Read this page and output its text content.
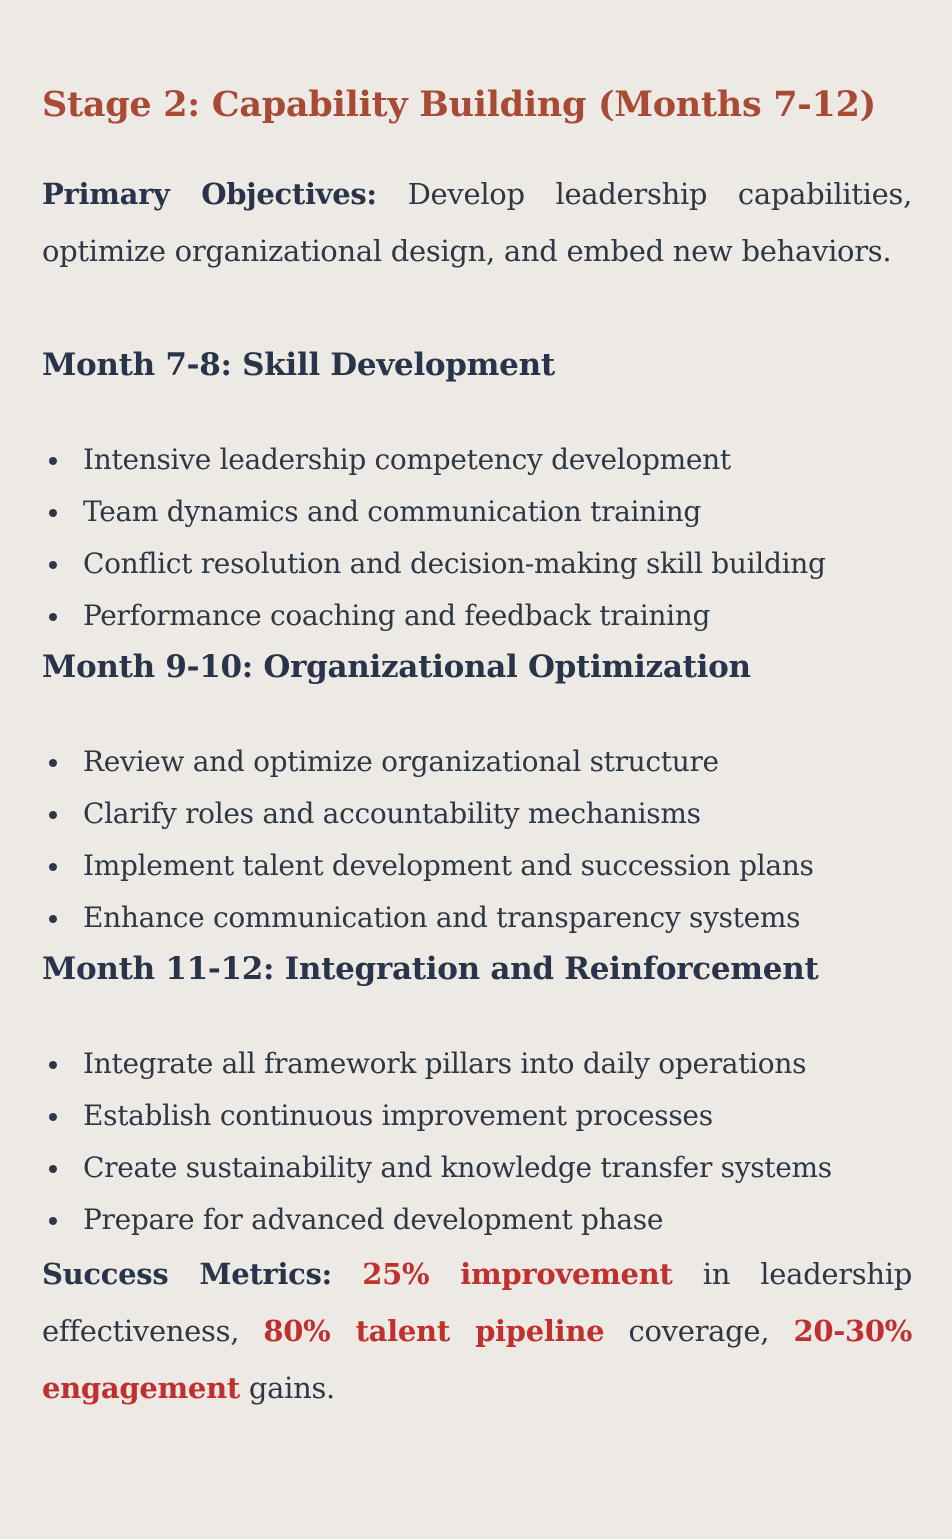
Stage 2: Capability Building (Months 7-12)

Primary Objectives: Develop leadership capabilities, optimize organizational design, and embed new behaviors.

Month 7-8: Skill Development
Intensive leadership competency development
Team dynamics and communication training
Conflict resolution and decision-making skill building
Performance coaching and feedback training
Month 9-10: Organizational Optimization
Review and optimize organizational structure
Clarify roles and accountability mechanisms
Implement talent development and succession plans
Enhance communication and transparency systems
Month 11-12: Integration and Reinforcement
Integrate all framework pillars into daily operations
Establish continuous improvement processes
Create sustainability and knowledge transfer systems
Prepare for advanced development phase

Success Metrics: 25% improvement in leadership effectiveness, 80% talent pipeline coverage, 20-30% engagement gains.
